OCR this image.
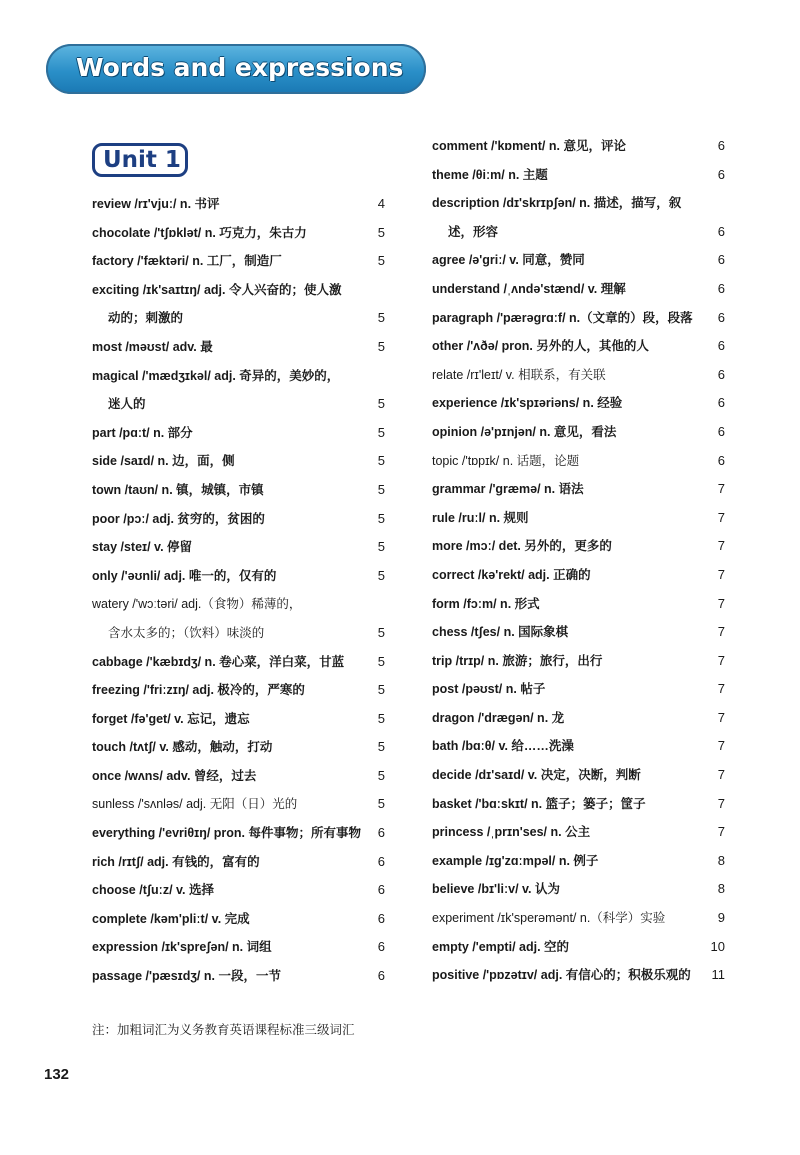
Words and expressions
Unit 1
review /rɪ'vjuː/ n. 书评	4
chocolate /'tʃɒklət/ n. 巧克力，朱古力	5
factory /'fæktəri/ n. 工厂，制造厂	5
exciting /ɪk'saɪtɪŋ/ adj. 令人兴奋的；使人激
动的；刺激的	5
most /məʊst/ adv. 最	5
magical /'mædʒɪkəl/ adj. 奇异的，美妙的，
迷人的	5
part /pɑːt/ n. 部分	5
side /saɪd/ n. 边，面，侧	5
town /taʊn/ n. 镇，城镇，市镇	5
poor /pɔː/ adj. 贫穷的，贫困的	5
stay /steɪ/ v. 停留	5
only /'əʊnli/ adj. 唯一的，仅有的	5
watery /'wɔːtəri/ adj.（食物）稀薄的，
含水太多的；（饮料）味淡的	5
cabbage /'kæbɪdʒ/ n. 卷心菜，洋白菜，甘蓝	5
freezing /'friːzɪŋ/ adj. 极冷的，严寒的	5
forget /fə'get/ v. 忘记，遗忘	5
touch /tʌtʃ/ v. 感动，触动，打动	5
once /wʌns/ adv. 曾经，过去	5
sunless /'sʌnləs/ adj. 无阳（日）光的	5
everything /'evriθɪŋ/ pron. 每件事物；所有事物 6
rich /rɪtʃ/ adj. 有钱的，富有的	6
choose /tʃuːz/ v. 选择	6
complete /kəm'pliːt/ v. 完成	6
expression /ɪk'spreʃən/ n. 词组	6
passage /'pæsɪdʒ/ n. 一段，一节	6
comment /'kɒment/ n. 意见，评论	6
theme /θiːm/ n. 主题	6
description /dɪ'skrɪpʃən/ n. 描述，描写，叙
述，形容	6
agree /ə'griː/ v. 同意，赞同	6
understand /ˌʌndə'stænd/ v. 理解	6
paragraph /'pærəgrɑːf/ n.（文章的）段，段落 6
other /'ʌðə/ pron. 另外的人，其他的人	6
relate /rɪ'leɪt/ v. 相联系，有关联	6
experience /ɪk'spɪəriəns/ n. 经验	6
opinion /ə'pɪnjən/ n. 意见，看法	6
topic /'tɒpɪk/ n. 话题，论题	6
grammar /'græmə/ n. 语法	7
rule /ruːl/ n. 规则	7
more /mɔː/ det. 另外的，更多的	7
correct /kə'rekt/ adj. 正确的	7
form /fɔːm/ n. 形式	7
chess /tʃes/ n. 国际象棋	7
trip /trɪp/ n. 旅游；旅行，出行	7
post /pəʊst/ n. 帖子	7
dragon /'drægən/ n. 龙	7
bath /bɑːθ/ v. 给……洗澡	7
decide /dɪ'saɪd/ v. 决定，决断，判断	7
basket /'bɑːskɪt/ n. 篮子；篓子；筐子	7
princess /ˌprɪn'ses/ n. 公主	7
example /ɪg'zɑːmpəl/ n. 例子	8
believe /bɪ'liːv/ v. 认为	8
experiment /ɪk'sperəmənt/ n.（科学）实验	9
empty /'empti/ adj. 空的	10
positive /'pɒzətɪv/ adj. 有信心的；积极乐观的 11
注：加粗词汇为义务教育英语课程标准三级词汇
132
